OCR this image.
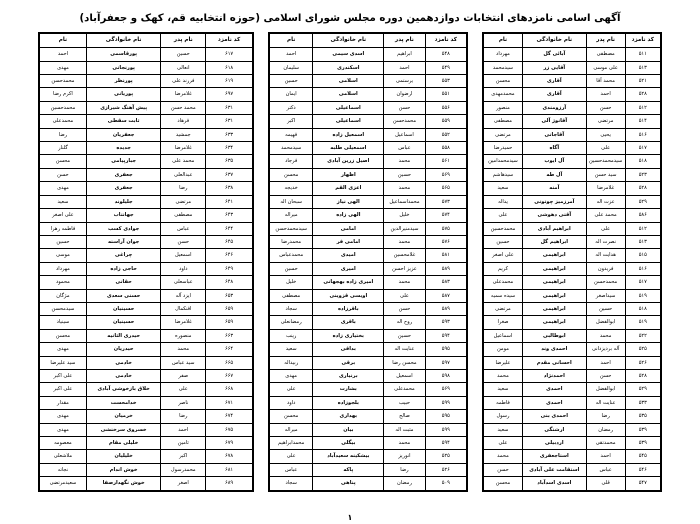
آگهی اسامی نامزدهای انتخابات دوازدهمین دوره مجلس شورای اسلامی (حوزه انتخابیه قم، کهک و جعفرآباد)
کد نامزد	نام پدر	نام خانوادگی	نام
۵۱۱	مصطفی	آبائی گل	مهرداد
۵۱۳	علی موسی	آقایی زر	سیدمحمد
۵۲۱	محمد آقا	آقاری	محسن
۵۲۸	احمد	آقاری	محمدمهدی
۵۱۲	حسن	آرزومندی	منصور
۵۱۴	مرتضی	آقانوژ آلی	مصطفی
۵۱۶	یحیی	آقاجانی	مرتضی
۵۱۷	علی	آگاه	حمیدرضا
۵۱۸	سیدمحمدحسین	آل ایوب	سیدمحمدامین
۵۲۳	سید حسن	آل طه	سیدهاشم
۵۲۸	غلامرضا	آمنه	سعید
۵۲۹	عزت اله	آمرزمیز چوتونی	یداله
۵۸۶	محمد علی	آقتی دهوشی	علی
۵۱۲	علی	ابراهیم آبادی	محمدحسین
۵۱۳	نصرت اله	ابراهیم گل	حسین
۵۱۵	هدایت اله	ابراهیمی	علی اصغر
۵۱۶	فریدون	ابراهیمی	کریم
۵۱۷	محمدحسن	ابراهیمی	محمدعلی
۵۱۹	سیداصغر	ابراهیمی	سیده سمیه
۵۱۸	حسین	ابراهیمی	مرتضی
۵۱۹	ابوالفضل	ابراهیمی	صغرا
۵۲۲	محمد	ابوطالبی	اسماعیل
۵۲۵	آله بردیزدانی	احمدی وند	مومن
۵۲۶	احمد	احسانی مقدم	علیرضا
۵۲۸	حسن	احمدنژاد	محمد
۵۲۹	ابوالفضل	احمدی	سعید
۵۳۳	عنایت اله	احمدی	فاطمه
۵۳۵	رضا	احمدی بنی	رسول
۵۳۹	رمضان	ارشنگی	سعید
۵۳۹	محمدتقی	اردبیلی	علی
۵۴۵	احمد	استاجعفری	محمد
۵۴۶	عباس	استقامت علی آبادی	حسن
۵۴۷	قلی	اسدی اسدآباد	محسن
کد نامزد	نام پدر	نام خانوادگی	نام
۵۴۸	ابراهیم	اسدی سیمی	احمد
۵۴۹	احمد	اسکندری	سلیمان
۵۵۳	یرستمی	اسلامی	حسین
۵۵۱	ارضوان	اسلامی	ایمان
۵۵۶	حسن	اسماعیلی	دکتر
۵۵۹	محمدحسن	اسماعیلی	اکبر
۵۵۲	اسماعیل	اسمعیل زاده	فهیمه
۵۵۸	عباس	اسمعیلی طلبه	سیدمحمد
۵۶۱	محمد	اصیل زرین آبادی	فرجاد
۵۶۹	حسین	اظهار	محسن
۵۶۵	محمد	اعزی القم	خدیجه
۵۷۳	محمداسماعیل	الهی نیاز	سبحان اله
۵۷۴	خلیل	الهی زاده	میراله
۵۷۵	سیدمنیرالدین	امامی	سیدمحمدحسن
۵۷۶	محمد	امامی فر	محمدرضا
۵۸۱	غلامحسین	امیدی	محمدعباس
۵۸۹	عزیز احسن	امیری	حسین
۵۸۳	محمد	امیری زاده بهجهانی	خلیل
۵۸۷	علی	اویسی قزوینی	مصطفی
۵۸۹	حسن	باقرزاده	سجاد
۵۹۳	روح اله	باقری	رمضانعلی
۵۹۴	حسین	بختیاری زاده	زینب
۵۹۵	عنایت اله	بداقی	سعید
۵۹۷	محسن رضا	برقی	زبیداله
۵۹۸	اسمعیل	برنیاری	مهدی
۵۶۹	محمدعلی	بشارت	علی
۵۹۹	حبیب	بلجوزاده	داود
۵۹۵	صالح	بهداری	محسن
۵۹۹	مثبت اله	بیان	میراله
۵۹۴	محمد	بیگلی	محمدابراهیم
۵۲۵	انوریز	بیشکینه سعیدآباد	علی
۵۲۶	رضا	پاکه	عباس
۵۰۹	رمضان	پناهی	سجاد
کد نامزد	نام پدر	نام خانوادگی	نام
۶۱۷	حسین	پورقاسمی	احمد
۶۱۸	انعالی	پورنجاتی	مهدی
۶۱۹	فرزند علی	پورنظر	محمدحسن
۶۹۷	غلامرضا	پوریانی	اکرم رضا
۶۳۱	محمد حسن	پیش آهنگ شیرازی	محمدحسین
۶۳۱	فرهاد	ثابت سقطی	محمدعلی
۶۳۳	جمشید	جعفریان	رضا
۶۳۴	غلامرضا	جدیده	گلناز
۶۳۵	محمد علی	جبارپیامی	محسن
۶۳۷	عبدالعلی	جعفری	حسن
۶۳۸	رضا	جعفری	مهدی
۶۴۱	مرتضی	جلیلوند	سعید
۶۴۳	مصطفی	جهانتاب	علی اصغر
۶۴۴	عباس	جوادی کسب	فاطمه زهرا
۶۴۵	حسن	جوان آراسته	حسین
۶۴۶	اسمعیل	چراغی	موسی
۶۴۹	داود	حاجی زاده	مهرداد
۶۴۸	عباسعلی	حقانی	محمود
۶۵۳	ایزد آله	حسنی سعدی	مژگان
۶۵۹	افنکمال	حسینیان	سیدمحسن
۶۵۹	غلامرضا	حسینیان	سینیاد
۶۶۳	منصوره	حیدری الثانیه	محسن
۶۶۴	محمد	حیدریان	مهدی
۶۶۵	سید عباس	خادمی	سید علیرضا
۶۶۷	صفر	خادمی	علی اکبر
۶۶۸	علی	خلاق بازخوشی آبادی	علی اکبر
۶۷۱	ناصر	خدامحست	مقدار
۶۷۴	رضا	خرمیان	مهدی
۶۷۵	احمد	خسروی سرخنشی	مهدی
۶۷۹	ثامین	خلیلی مقام	معصومه
۶۷۸	اکبر	خلیلیان	ملاشعلی
۶۸۱	محمدرسول	خوش اندام	نجاته
۶۸۹	اصغر	خوش نگهدارصفا	سعیدمرتضی
۱
